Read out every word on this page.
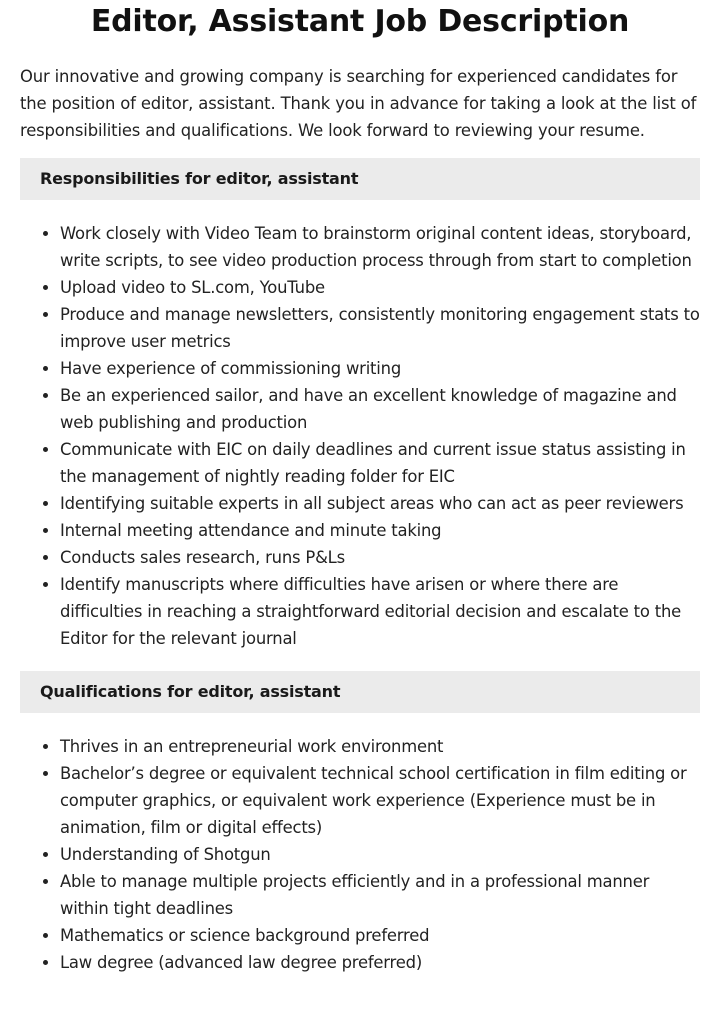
Editor, Assistant Job Description

Our innovative and growing company is searching for experienced candidates for the position of editor, assistant. Thank you in advance for taking a look at the list of responsibilities and qualifications. We look forward to reviewing your resume.

Responsibilities for editor, assistant
Work closely with Video Team to brainstorm original content ideas, storyboard, write scripts, to see video production process through from start to completion
Upload video to SL.com, YouTube
Produce and manage newsletters, consistently monitoring engagement stats to improve user metrics
Have experience of commissioning writing
Be an experienced sailor, and have an excellent knowledge of magazine and web publishing and production
Communicate with EIC on daily deadlines and current issue status assisting in the management of nightly reading folder for EIC
Identifying suitable experts in all subject areas who can act as peer reviewers
Internal meeting attendance and minute taking
Conducts sales research, runs P&Ls
Identify manuscripts where difficulties have arisen or where there are difficulties in reaching a straightforward editorial decision and escalate to the Editor for the relevant journal
Qualifications for editor, assistant
Thrives in an entrepreneurial work environment
Bachelor’s degree or equivalent technical school certification in film editing or computer graphics, or equivalent work experience (Experience must be in animation, film or digital effects)
Understanding of Shotgun
Able to manage multiple projects efficiently and in a professional manner within tight deadlines
Mathematics or science background preferred
Law degree (advanced law degree preferred)
